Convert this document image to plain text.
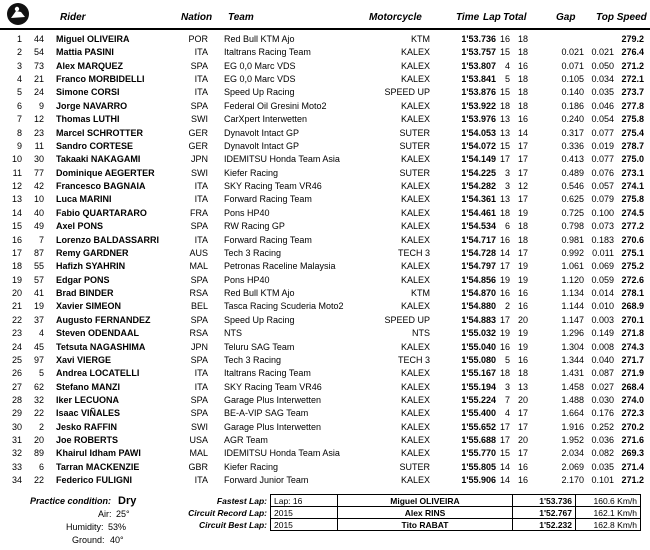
Rider	Nation Team	Motorcycle	Time Lap Total	Gap Top Speed
1	44 Miguel OLIVEIRA	POR Red Bull KTM Ajo	KTM	1'53.736 16 18	279.2
2	54 Mattia PASINI	ITA Italtrans Racing Team	KALEX	1'53.757 15 18	0.021 0.021 276.4
3	73 Alex MARQUEZ	SPA EG 0,0 Marc VDS	KALEX	1'53.807 4 16	0.071 0.050 271.2
4	21 Franco MORBIDELLI	ITA EG 0,0 Marc VDS	KALEX	1'53.841 5 18	0.105 0.034 272.1
5	24 Simone CORSI	ITA Speed Up Racing	SPEED UP	1'53.876 15 18	0.140 0.035 273.7
6	9 Jorge NAVARRO	SPA Federal Oil Gresini Moto2	KALEX	1'53.922 18 18	0.186 0.046 277.8
7	12 Thomas LUTHI	SWI CarXpert Interwetten	KALEX	1'53.976 13 16	0.240 0.054 275.8
8	23 Marcel SCHROTTER	GER Dynavolt Intact GP	SUTER	1'54.053 13 14	0.317 0.077 275.4
9	11 Sandro CORTESE	GER Dynavolt Intact GP	SUTER	1'54.072 15 17	0.336 0.019 278.7
10	30 Takaaki NAKAGAMI	JPN IDEMITSU Honda Team Asia	KALEX	1'54.149 17 17	0.413 0.077 275.0
11	77 Dominique AEGERTER	SWI Kiefer Racing	SUTER	1'54.225 3 17	0.489 0.076 273.1
12	42 Francesco BAGNAIA	ITA SKY Racing Team VR46	KALEX	1'54.282 3 12	0.546 0.057 274.1
13	10 Luca MARINI	ITA Forward Racing Team	KALEX	1'54.361 13 17	0.625 0.079 275.8
14	40 Fabio QUARTARARO	FRA Pons HP40	KALEX	1'54.461 18 19	0.725 0.100 274.5
15	49 Axel PONS	SPA RW Racing GP	KALEX	1'54.534 6 18	0.798 0.073 277.2
16	7 Lorenzo BALDASSARRI	ITA Forward Racing Team	KALEX	1'54.717 16 18	0.981 0.183 270.6
17	87 Remy GARDNER	AUS Tech 3 Racing	TECH 3	1'54.728 14 17	0.992 0.011 275.1
18	55 Hafizh SYAHRIN	MAL Petronas Raceline Malaysia	KALEX	1'54.797 17 19	1.061 0.069 275.2
19	57 Edgar PONS	SPA Pons HP40	KALEX	1'54.856 19 19	1.120 0.059 272.6
20	41 Brad BINDER	RSA Red Bull KTM Ajo	KTM	1'54.870 16 16	1.134 0.014 278.1
21	19 Xavier SIMEON	BEL Tasca Racing Scuderia Moto2	KALEX	1'54.880 2 16	1.144 0.010 268.9
22	37 Augusto FERNANDEZ	SPA Speed Up Racing	SPEED UP	1'54.883 17 20	1.147 0.003 270.1
23	4 Steven ODENDAAL	RSA NTS	NTS	1'55.032 19 19	1.296 0.149 271.8
24	45 Tetsuta NAGASHIMA	JPN Teluru SAG Team	KALEX	1'55.040 16 19	1.304 0.008 274.3
25	97 Xavi VIERGE	SPA Tech 3 Racing	TECH 3	1'55.080 5 16	1.344 0.040 271.7
26	5 Andrea LOCATELLI	ITA Italtrans Racing Team	KALEX	1'55.167 18 18	1.431 0.087 271.9
27	62 Stefano MANZI	ITA SKY Racing Team VR46	KALEX	1'55.194 3 13	1.458 0.027 268.4
28	32 Iker LECUONA	SPA Garage Plus Interwetten	KALEX	1'55.224 7 20	1.488 0.030 274.0
29	22 Isaac VIÑALES	SPA BE-A-VIP SAG Team	KALEX	1'55.400 4 17	1.664 0.176 272.3
30	2 Jesko RAFFIN	SWI Garage Plus Interwetten	KALEX	1'55.652 17 17	1.916 0.252 270.2
31	20 Joe ROBERTS	USA AGR Team	KALEX	1'55.688 17 20	1.952 0.036 271.6
32	89 Khairul Idham PAWI	MAL IDEMITSU Honda Team Asia	KALEX	1'55.770 15 17	2.034 0.082 269.3
33	6 Tarran MACKENZIE	GBR Kiefer Racing	SUTER	1'55.805 14 16	2.069 0.035 271.4
34	22 Federico FULIGNI	ITA Forward Junior Team	KALEX	1'55.906 14 16	2.170 0.101 271.2
Practice condition: Dry
Air: 25°
Humidity: 53%
Ground: 40°
Fastest Lap:	Lap: 16	Miguel OLIVEIRA	1'53.736	160.6 Km/h
Circuit Record Lap:	2015	Alex RINS	1'52.767	162.1 Km/h
Circuit Best Lap:	2015	Tito RABAT	1'52.232	162.8 Km/h
